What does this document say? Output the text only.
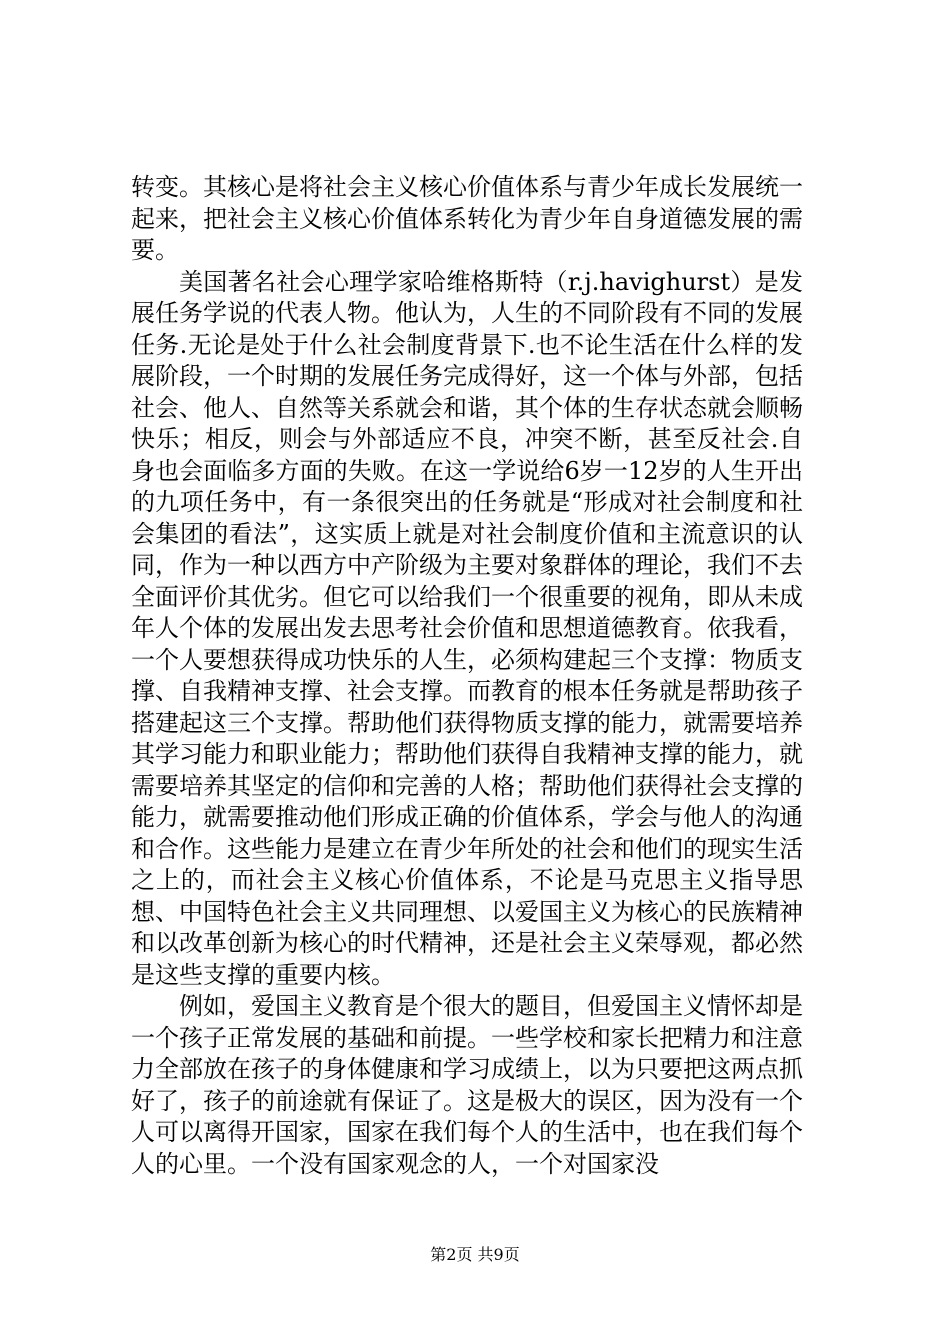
转变。其核心是将社会主义核心价值体系与青少年成长发展统一起来，把社会主义核心价值体系转化为青少年自身道德发展的需要。

美国著名社会心理学家哈维格斯特（r.j.havighurst）是发展任务学说的代表人物。他认为，人生的不同阶段有不同的发展任务.无论是处于什么社会制度背景下.也不论生活在什么样的发展阶段，一个时期的发展任务完成得好，这一个体与外部，包括社会、他人、自然等关系就会和谐，其个体的生存状态就会顺畅快乐；相反，则会与外部适应不良，冲突不断，甚至反社会.自身也会面临多方面的失败。在这一学说给6岁一12岁的人生开出的九项任务中，有一条很突出的任务就是“形成对社会制度和社会集团的看法”，这实质上就是对社会制度价值和主流意识的认同，作为一种以西方中产阶级为主要对象群体的理论，我们不去全面评价其优劣。但它可以给我们一个很重要的视角，即从未成年人个体的发展出发去思考社会价值和思想道德教育。依我看，一个人要想获得成功快乐的人生，必须构建起三个支撑：物质支撑、自我精神支撑、社会支撑。而教育的根本任务就是帮助孩子搭建起这三个支撑。帮助他们获得物质支撑的能力，就需要培养其学习能力和职业能力；帮助他们获得自我精神支撑的能力，就需要培养其坚定的信仰和完善的人格；帮助他们获得社会支撑的能力，就需要推动他们形成正确的价值体系，学会与他人的沟通和合作。这些能力是建立在青少年所处的社会和他们的现实生活之上的，而社会主义核心价值体系，不论是马克思主义指导思想、中国特色社会主义共同理想、以爱国主义为核心的民族精神和以改革创新为核心的时代精神，还是社会主义荣辱观，都必然是这些支撑的重要内核。

例如，爱国主义教育是个很大的题目，但爱国主义情怀却是一个孩子正常发展的基础和前提。一些学校和家长把精力和注意力全部放在孩子的身体健康和学习成绩上，以为只要把这两点抓好了，孩子的前途就有保证了。这是极大的误区，因为没有一个人可以离得开国家，国家在我们每个人的生活中，也在我们每个人的心里。一个没有国家观念的人，一个对国家没

第2页 共9页
